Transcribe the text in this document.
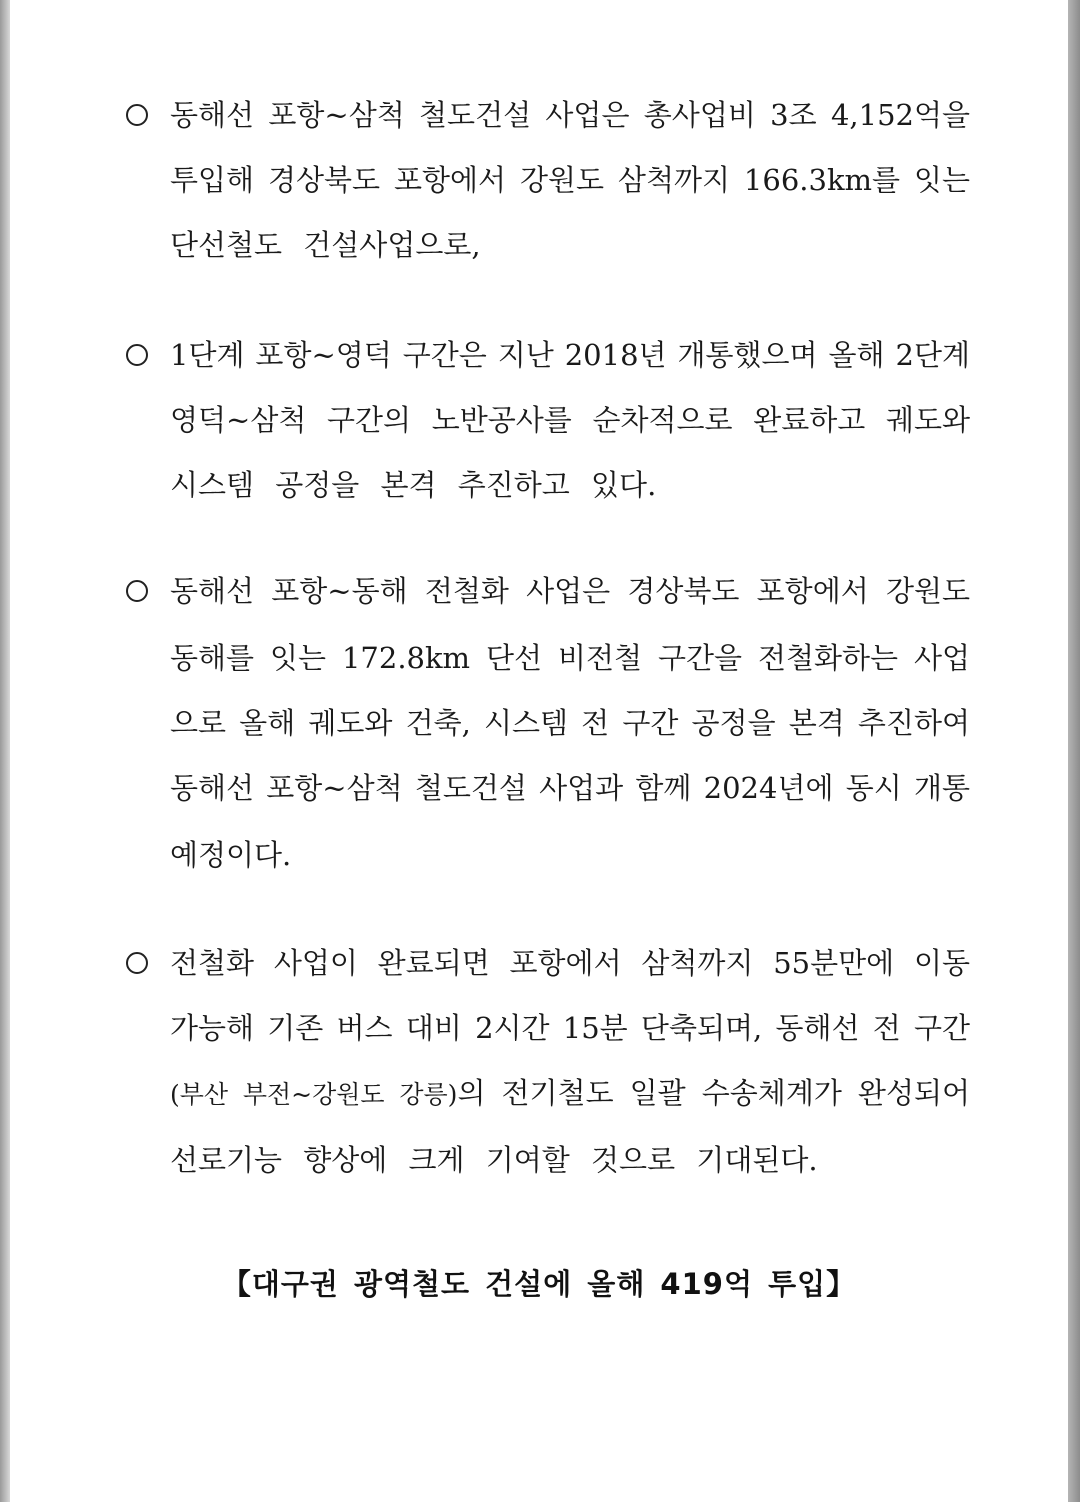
동해선 포항~삼척 철도건설 사업은 총사업비 3조 4,152억을
투입해 경상북도 포항에서 강원도 삼척까지 166.3km를 잇는
단선철도 건설사업으로,
1단계 포항~영덕 구간은 지난 2018년 개통했으며 올해 2단계
영덕~삼척 구간의 노반공사를 순차적으로 완료하고 궤도와
시스템 공정을 본격 추진하고 있다.
동해선 포항~동해 전철화 사업은 경상북도 포항에서 강원도
동해를 잇는 172.8km 단선 비전철 구간을 전철화하는 사업
으로 올해 궤도와 건축, 시스템 전 구간 공정을 본격 추진하여
동해선 포항~삼척 철도건설 사업과 함께 2024년에 동시 개통
예정이다.
전철화 사업이 완료되면 포항에서 삼척까지 55분만에 이동
가능해 기존 버스 대비 2시간 15분 단축되며, 동해선 전 구간
(부산 부전~강원도 강릉)의 전기철도 일괄 수송체계가 완성되어
선로기능 향상에 크게 기여할 것으로 기대된다.
【대구권 광역철도 건설에 올해 419억 투입】
